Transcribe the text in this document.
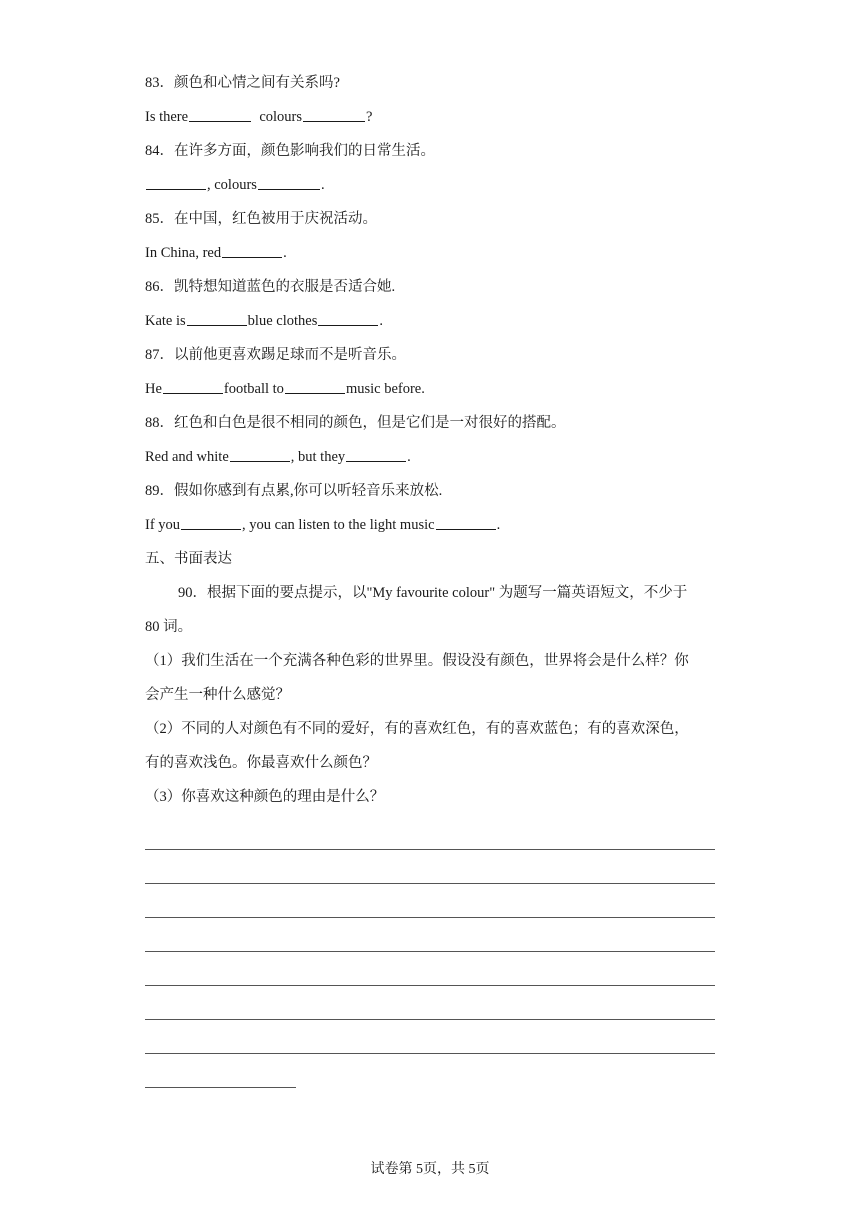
83．颜色和心情之间有关系吗?
Is there	colours	?
84．在许多方面，颜色影响我们的日常生活。
, colours	.
85．在中国，红色被用于庆祝活动。
In China, red	.
86．凯特想知道蓝色的衣服是否适合她.
Kate is	blue clothes	.
87．以前他更喜欢踢足球而不是听音乐。
He	football to	music before.
88．红色和白色是很不相同的颜色，但是它们是一对很好的搭配。
Red and white	, but they	.
89．假如你感到有点累,你可以听轻音乐来放松.
If you	, you can listen to the light music	.
五、书面表达
90．根据下面的要点提示，以"My favourite colour" 为题写一篇英语短文，不少于
80 词。
（1）我们生活在一个充满各种色彩的世界里。假设没有颜色，世界将会是什么样？你
会产生一种什么感觉？
（2）不同的人对颜色有不同的爱好，有的喜欢红色，有的喜欢蓝色；有的喜欢深色，
有的喜欢浅色。你最喜欢什么颜色？
（3）你喜欢这种颜色的理由是什么？
试卷第 5页，共 5页
